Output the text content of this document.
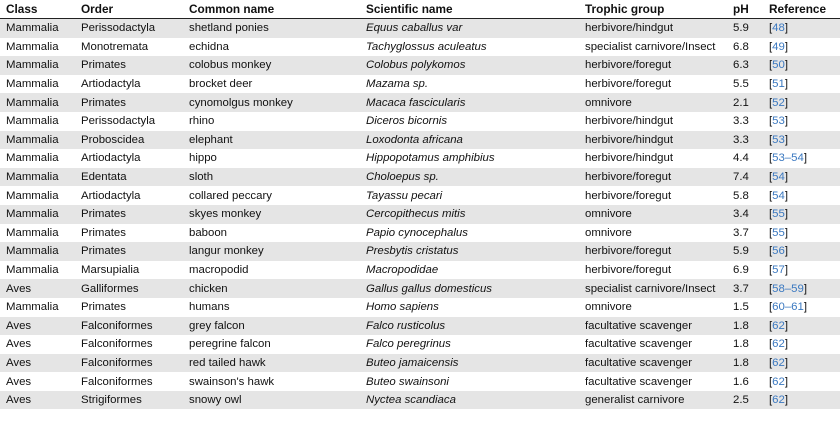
Class	Order	Common name	Scientific name	Trophic group	pH	Reference
Mammalia	Perissodactyla	shetland ponies	Equus caballus var	herbivore/hindgut	5.9	[48]
Mammalia	Monotremata	echidna	Tachyglossus aculeatus	specialist carnivore/Insect	6.8	[49]
Mammalia	Primates	colobus monkey	Colobus polykomos	herbivore/foregut	6.3	[50]
Mammalia	Artiodactyla	brocket deer	Mazama sp.	herbivore/foregut	5.5	[51]
Mammalia	Primates	cynomolgus monkey	Macaca fascicularis	omnivore	2.1	[52]
Mammalia	Perissodactyla	rhino	Diceros bicornis	herbivore/hindgut	3.3	[53]
Mammalia	Proboscidea	elephant	Loxodonta africana	herbivore/hindgut	3.3	[53]
Mammalia	Artiodactyla	hippo	Hippopotamus amphibius	herbivore/hindgut	4.4	[53–54]
Mammalia	Edentata	sloth	Choloepus sp.	herbivore/foregut	7.4	[54]
Mammalia	Artiodactyla	collared peccary	Tayassu pecari	herbivore/foregut	5.8	[54]
Mammalia	Primates	skyes monkey	Cercopithecus mitis	omnivore	3.4	[55]
Mammalia	Primates	baboon	Papio cynocephalus	omnivore	3.7	[55]
Mammalia	Primates	langur monkey	Presbytis cristatus	herbivore/foregut	5.9	[56]
Mammalia	Marsupialia	macropodid	Macropodidae	herbivore/foregut	6.9	[57]
Aves	Galliformes	chicken	Gallus gallus domesticus	specialist carnivore/Insect	3.7	[58–59]
Mammalia	Primates	humans	Homo sapiens	omnivore	1.5	[60–61]
Aves	Falconiformes	grey falcon	Falco rusticolus	facultative scavenger	1.8	[62]
Aves	Falconiformes	peregrine falcon	Falco peregrinus	facultative scavenger	1.8	[62]
Aves	Falconiformes	red tailed hawk	Buteo jamaicensis	facultative scavenger	1.8	[62]
Aves	Falconiformes	swainson's hawk	Buteo swainsoni	facultative scavenger	1.6	[62]
Aves	Strigiformes	snowy owl	Nyctea scandiaca	generalist carnivore	2.5	[62]
